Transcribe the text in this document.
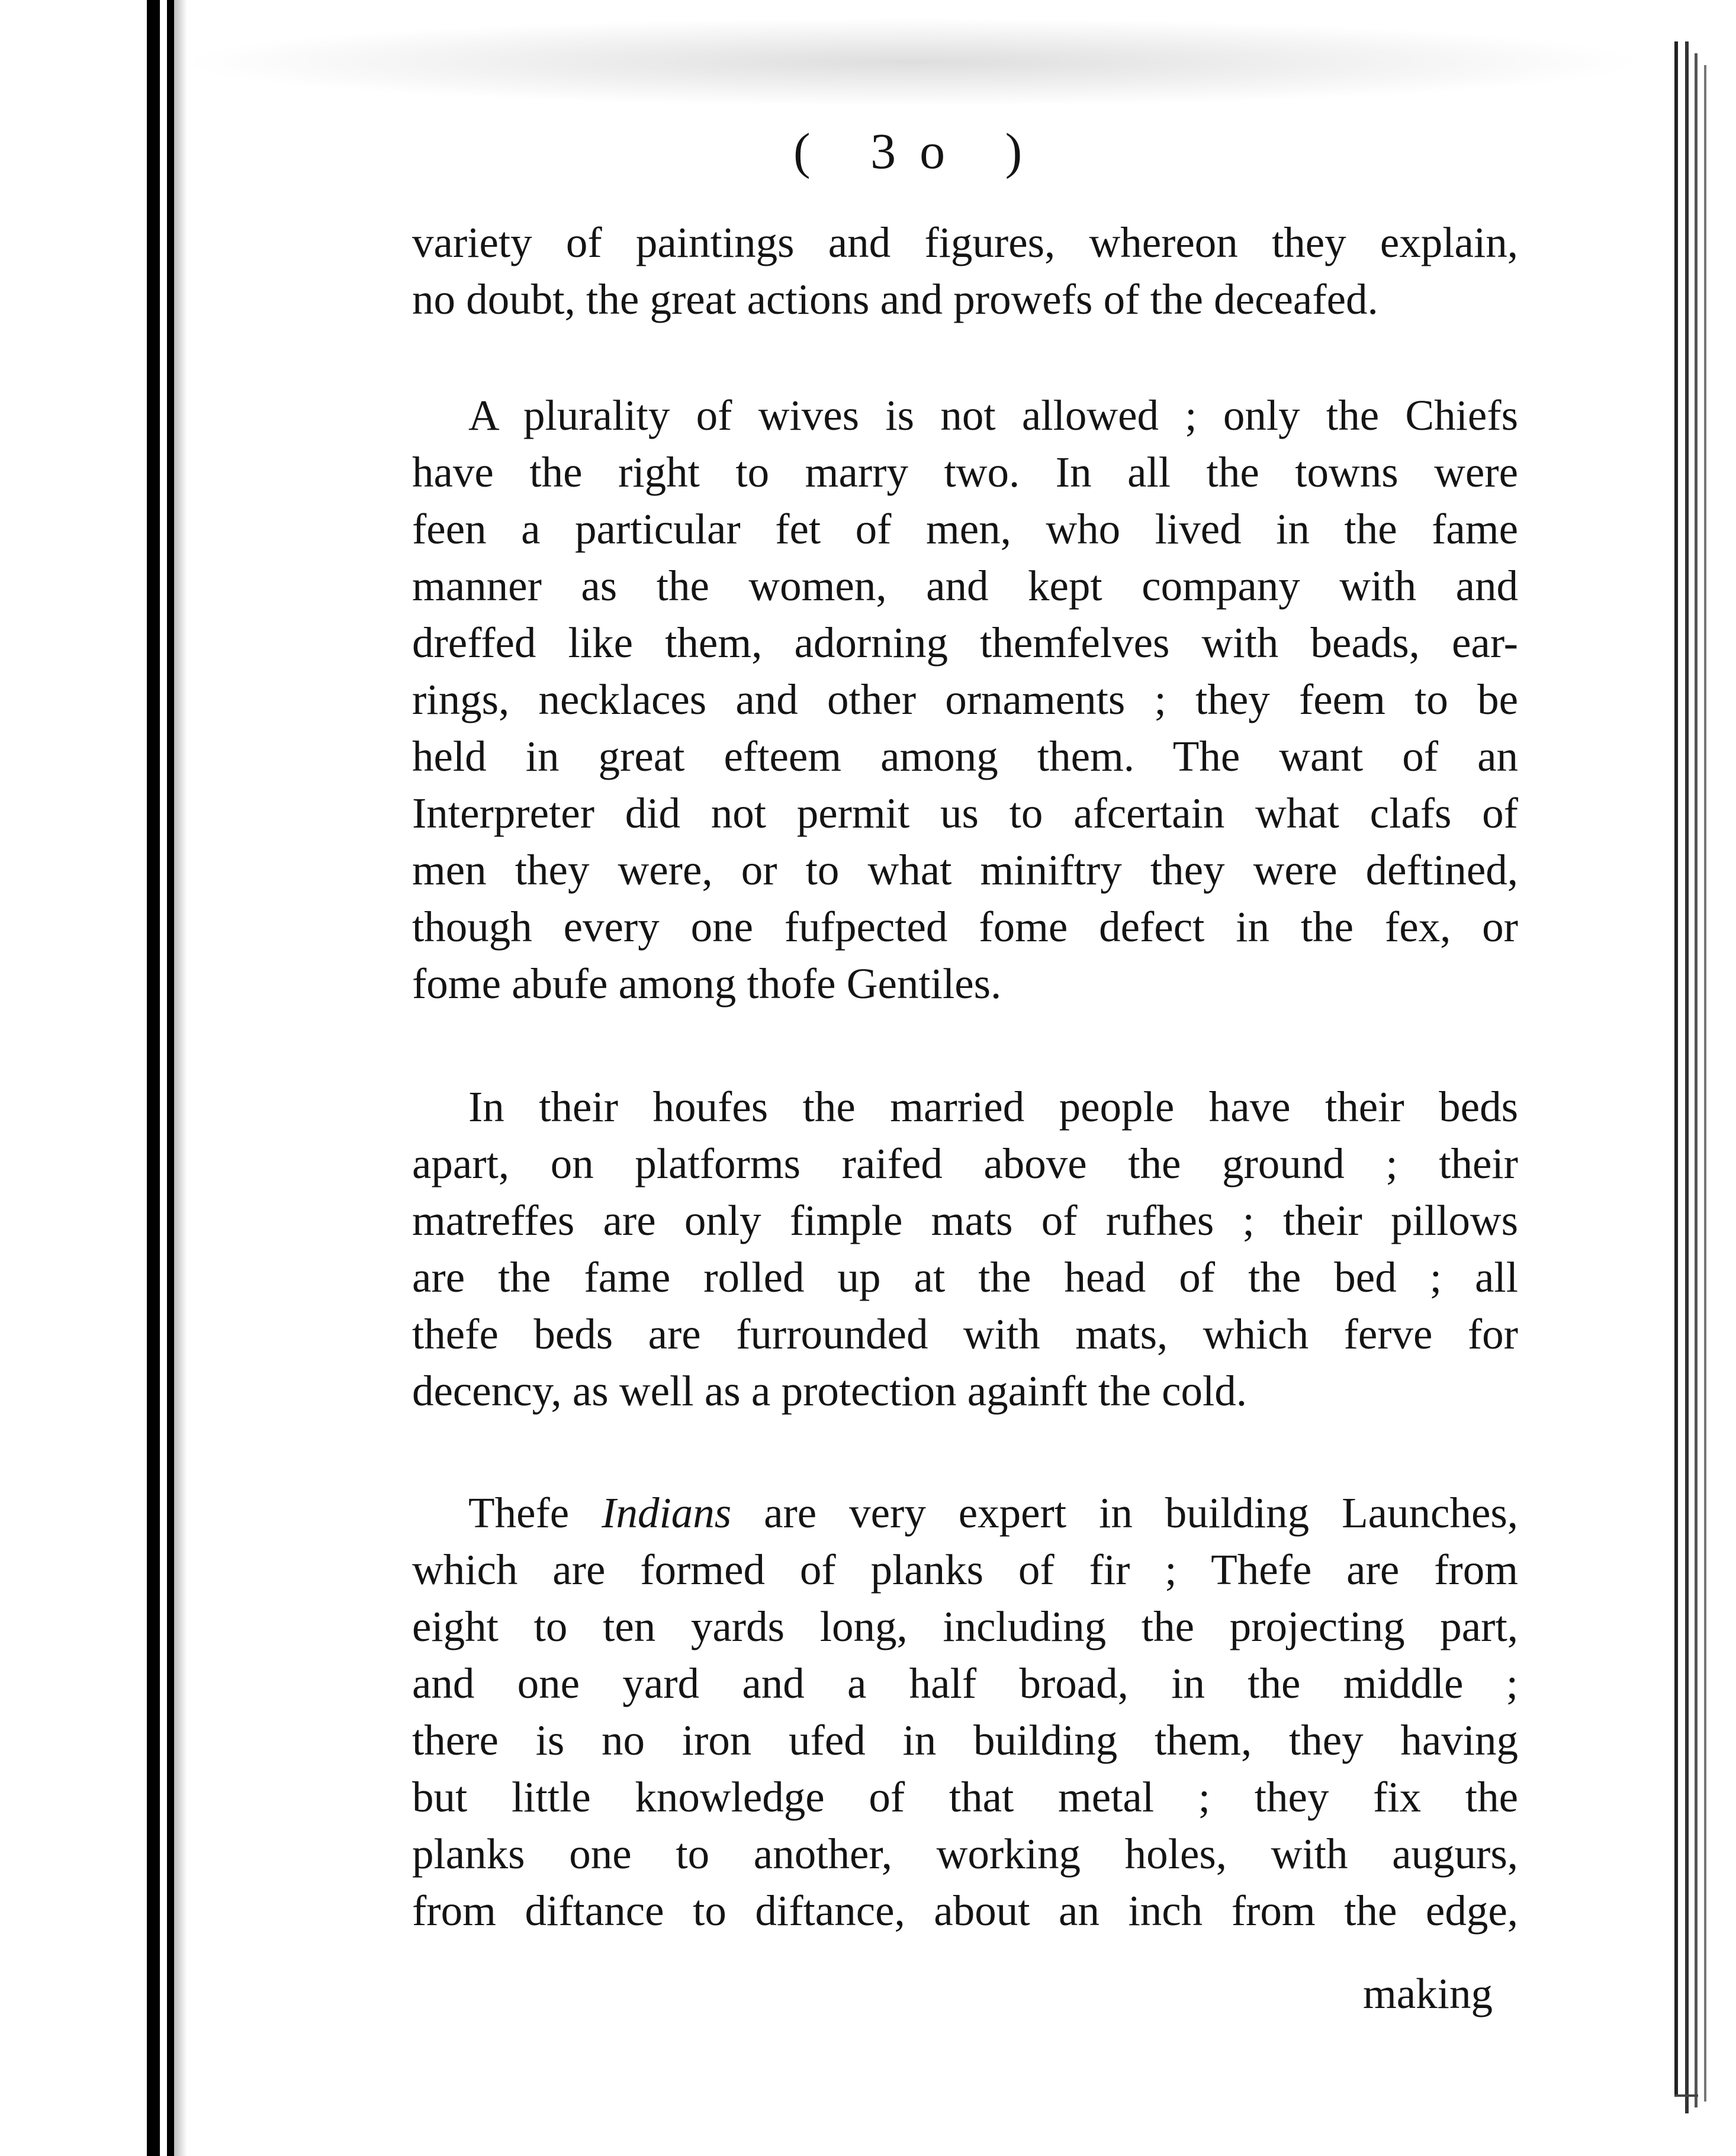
( 3o )
variety of paintings and figures, whereon they explain,
no doubt, the great actions and prowefs of the deceafed.
A plurality of wives is not allowed ; only the Chiefs
have the right to marry two. In all the towns were
feen a particular fet of men, who lived in the fame
manner as the women, and kept company with and
dreffed like them, adorning themfelves with beads, ear-
rings, necklaces and other ornaments ; they feem to be
held in great efteem among them. The want of an
Interpreter did not permit us to afcertain what clafs of
men they were, or to what miniftry they were deftined,
though every one fufpected fome defect in the fex, or
fome abufe among thofe Gentiles.
In their houfes the married people have their beds
apart, on platforms raifed above the ground ; their
matreffes are only fimple mats of rufhes ; their pillows
are the fame rolled up at the head of the bed ; all
thefe beds are furrounded with mats, which ferve for
decency, as well as a protection againft the cold.
Thefe Indians are very expert in building Launches,
which are formed of planks of fir ; Thefe are from
eight to ten yards long, including the projecting part,
and one yard and a half broad, in the middle ;
there is no iron ufed in building them, they having
but little knowledge of that metal ; they fix the
planks one to another, working holes, with augurs,
from diftance to diftance, about an inch from the edge,
making
